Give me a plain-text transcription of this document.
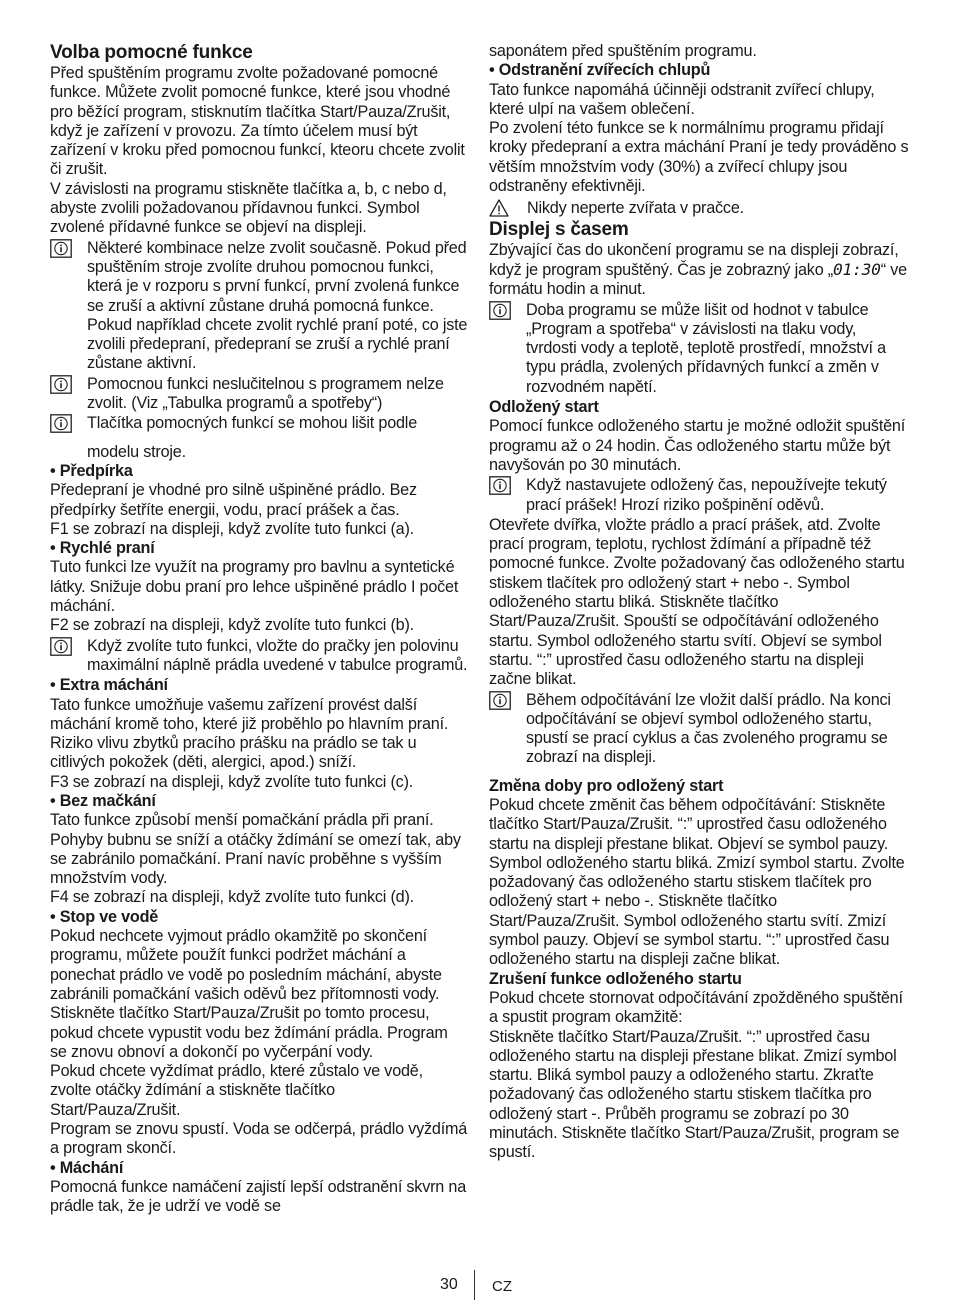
Volba pomocné funkce

Před spuštěním programu zvolte požadované pomocné funkce. Můžete zvolit pomocné funkce, které jsou vhodné pro běžící program, stisknutím tlačítka Start/Pauza/Zrušit, když je zařízení v provozu. Za tímto účelem musí být zařízení v kroku před pomocnou funkcí, kteoru chcete zvolit či zrušit.

V závislosti na programu stiskněte tlačítka a, b, c nebo d, abyste zvolili požadovanou přídavnou funkci. Symbol zvolené přídavné funkce se objeví na displeji.

Některé kombinace nelze zvolit současně. Pokud před spuštěním stroje zvolíte druhou pomocnou funkci, která je v rozporu s první funkcí, první zvolená funkce se zruší a aktivní zůstane druhá pomocná funkce. Pokud například chcete zvolit rychlé praní poté, co jste zvolili předepraní, předepraní se zruší a rychlé praní zůstane aktivní.
Pomocnou funkci neslučitelnou s programem nelze zvolit. (Viz „Tabulka programů a spotřeby“)
Tlačítka pomocných funkcí se mohou lišit podle

modelu stroje.

• Předpírka

Předepraní je vhodné pro silně ušpiněné prádlo. Bez předpírky šetříte energii, vodu, prací prášek a čas.

F1 se zobrazí na displeji, když zvolíte tuto funkci (a).

• Rychlé praní

Tuto funkci lze využít na programy pro bavlnu a syntetické látky. Snižuje dobu praní pro lehce ušpiněné prádlo I počet máchání.

F2 se zobrazí na displeji, když zvolíte tuto funkci (b).

Když zvolíte tuto funkci, vložte do pračky jen polovinu maximální náplně prádla uvedené v tabulce programů.

• Extra máchání

Tato funkce umožňuje vašemu zařízení provést další máchání kromě toho, které již proběhlo po hlavním praní. Riziko vlivu zbytků pracího prášku na prádlo se tak u citlivých pokožek (děti, alergici, apod.) sníží.

F3 se zobrazí na displeji, když zvolíte tuto funkci (c).

• Bez mačkání

Tato funkce způsobí menší pomačkání prádla při praní. Pohyby bubnu se sníží a otáčky ždímání se omezí tak, aby se zabránilo pomačkání. Praní navíc proběhne s vyšším množstvím vody.

F4 se zobrazí na displeji, když zvolíte tuto funkci (d).

• Stop ve vodě

Pokud nechcete vyjmout prádlo okamžitě po skončení programu, můžete použít funkci podržet máchání a ponechat prádlo ve vodě po posledním máchání, abyste zabránili pomačkání vašich oděvů bez přítomnosti vody. Stiskněte tlačítko Start/Pauza/Zrušit po tomto procesu, pokud chcete vypustit vodu bez ždímání prádla. Program se znovu obnoví a dokončí po vyčerpání vody.

Pokud chcete vyždímat prádlo, které zůstalo ve vodě, zvolte otáčky ždímání a stiskněte tlačítko Start/Pauza/Zrušit.

Program se znovu spustí. Voda se odčerpá, prádlo vyždímá a program skončí.

• Máchání

Pomocná funkce namáčení zajistí lepší odstranění skvrn na prádle tak, že je udrží ve vodě se

saponátem před spuštěním programu.

• Odstranění zvířecích chlupů

Tato funkce napomáhá účinněji odstranit zvířecí chlupy, které ulpí na vašem oblečení.

Po zvolení této funkce se k normálnímu programu přidají kroky předepraní a extra máchání Praní je tedy prováděno s větším množstvím vody (30%) a zvířecí chlupy jsou odstraněny efektivněji.

Nikdy neperte zvířata v pračce.
Displej s časem

Zbývající čas do ukončení programu se na displeji zobrazí, když je program spuštěný. Čas je zobrazný jako „01:30“ ve formátu hodin a minut.

Doba programu se může lišit od hodnot v tabulce „Program a spotřeba“ v závislosti na tlaku vody, tvrdosti vody a teplotě, teplotě prostředí, množství a typu prádla, zvolených přídavných funkcí a změn v rozvodném napětí.

Odložený start

Pomocí funkce odloženého startu je možné odložit spuštění programu až o 24 hodin. Čas odloženého startu může být navyšován po 30 minutách.

Když nastavujete odložený čas, nepoužívejte tekutý prací prášek! Hrozí riziko pošpinění oděvů.

Otevřete dvířka, vložte prádlo a prací prášek, atd. Zvolte prací program, teplotu, rychlost ždímání a případně též pomocné funkce. Zvolte požadovaný čas odloženého startu stiskem tlačítek pro odložený start + nebo -. Symbol odloženého startu bliká. Stiskněte tlačítko Start/Pauza/Zrušit. Spouští se odpočítávání odloženého startu. Symbol odloženého startu svítí. Objeví se symbol startu. “:” uprostřed času odloženého startu na displeji začne blikat.

Během odpočítávání lze vložit další prádlo. Na konci odpočítávání se objeví symbol odloženého startu, spustí se prací cyklus a čas zvoleného programu se zobrazí na displeji.

Změna doby pro odložený start

Pokud chcete změnit čas během odpočítávání: Stiskněte tlačítko Start/Pauza/Zrušit. “:” uprostřed času odloženého startu na displeji přestane blikat. Objeví se symbol pauzy. Symbol odloženého startu bliká. Zmizí symbol startu. Zvolte požadovaný čas odloženého startu stiskem tlačítek pro odložený start + nebo -. Stiskněte tlačítko Start/Pauza/Zrušit. Symbol odloženého startu svítí. Zmizí symbol pauzy. Objeví se symbol startu. “:” uprostřed času odloženého startu na displeji začne blikat.

Zrušení funkce odloženého startu

Pokud chcete stornovat odpočítávání zpožděného spuštění a spustit program okamžitě:

Stiskněte tlačítko Start/Pauza/Zrušit. “:” uprostřed času odloženého startu na displeji přestane blikat. Zmizí symbol startu. Bliká symbol pauzy a odloženého startu. Zkraťte požadovaný čas odloženého startu stiskem tlačítka pro odložený start -. Průběh programu se zobrazí po 30 minutách. Stiskněte tlačítko Start/Pauza/Zrušit, program se spustí.

30 CZ
